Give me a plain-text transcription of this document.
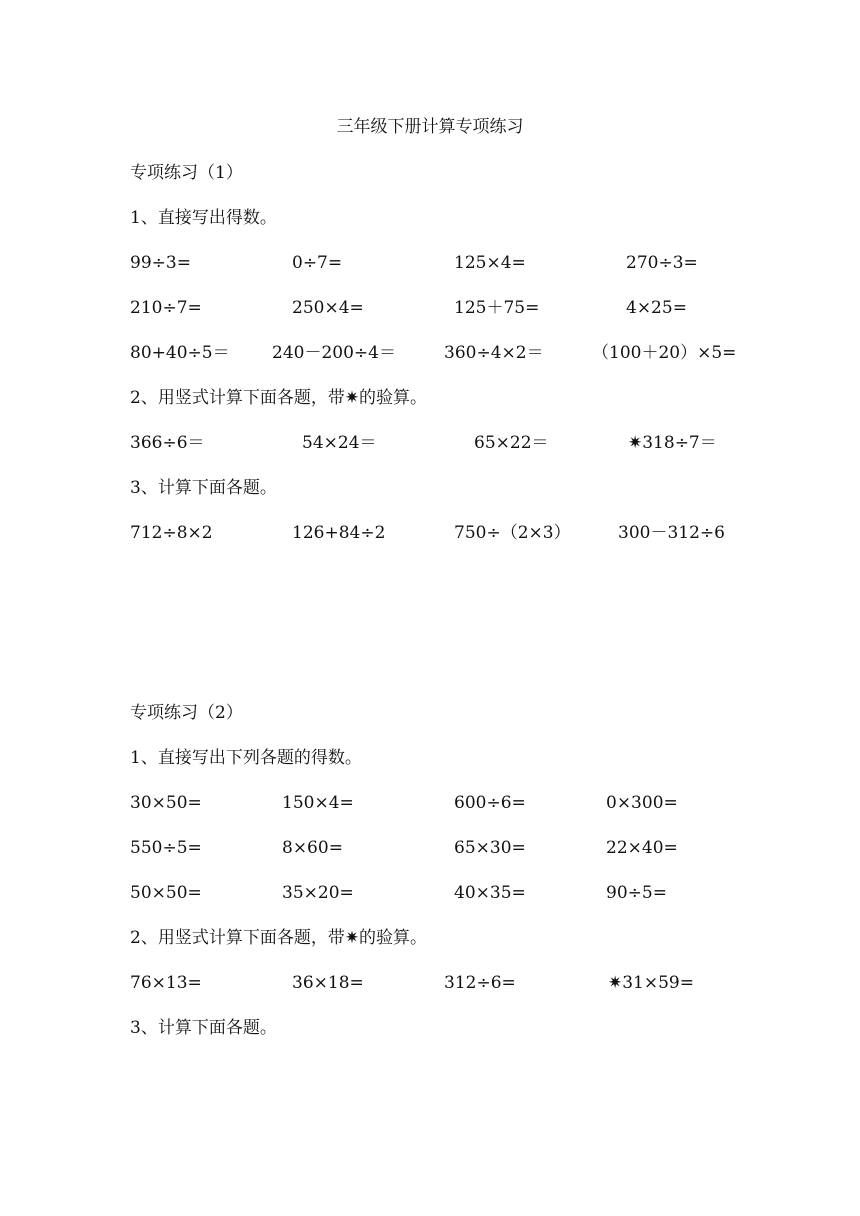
三年级下册计算专项练习
专项练习（1）
1、直接写出得数。
99÷3=	0÷7=	125×4=	270÷3=
210÷7=	250×4=	125＋75=	4×25=
80+40÷5＝ 240－200÷4＝	360÷4×2＝	（100＋20）×5=
2、用竖式计算下面各题，带✷的验算。
366÷6＝	54×24＝	65×22＝	✷318÷7＝
3、计算下面各题。
712÷8×2	126+84÷2	750÷（2×3）	300－312÷6
专项练习（2）
1、直接写出下列各题的得数。
30×50=	150×4=	600÷6=	0×300=
550÷5=	8×60=	65×30=	22×40=
50×50=	35×20=	40×35=	90÷5=
2、用竖式计算下面各题，带✷的验算。
76×13=	36×18=	312÷6=	✷31×59=
3、计算下面各题。
